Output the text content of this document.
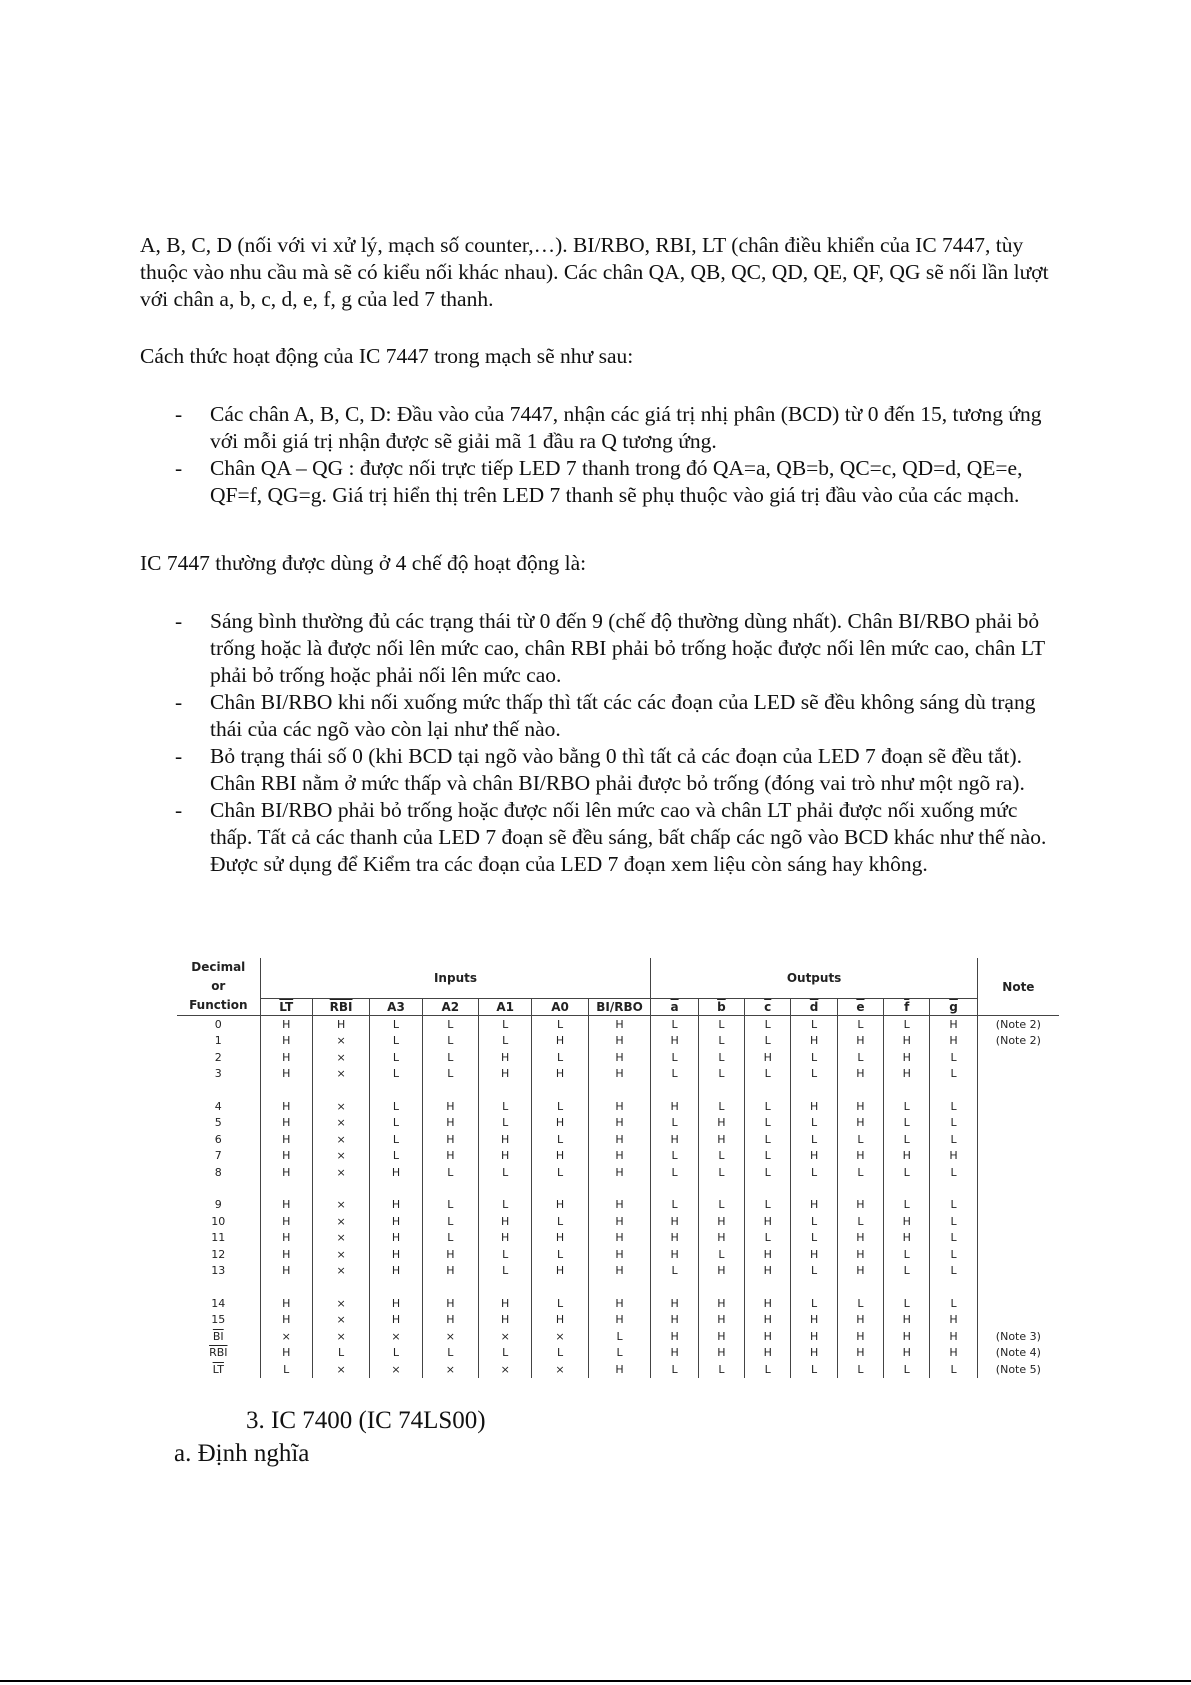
A, B, C, D (nối với vi xử lý, mạch số counter,…). BI/RBO, RBI, LT (chân điều khiển của IC 7447, tùy thuộc vào nhu cầu mà sẽ có kiểu nối khác nhau). Các chân QA, QB, QC, QD, QE, QF, QG sẽ nối lần lượt với chân a, b, c, d, e, f, g của led 7 thanh.

Cách thức hoạt động của IC 7447 trong mạch sẽ như sau:

- Các chân A, B, C, D: Đầu vào của 7447, nhận các giá trị nhị phân (BCD) từ 0 đến 15, tương ứng với mỗi giá trị nhận được sẽ giải mã 1 đầu ra Q tương ứng.
- Chân QA – QG : được nối trực tiếp LED 7 thanh trong đó QA=a, QB=b, QC=c, QD=d, QE=e, QF=f, QG=g. Giá trị hiển thị trên LED 7 thanh sẽ phụ thuộc vào giá trị đầu vào của các mạch.

IC 7447 thường được dùng ở 4 chế độ hoạt động là:

- Sáng bình thường đủ các trạng thái từ 0 đến 9 (chế độ thường dùng nhất). Chân BI/RBO phải bỏ trống hoặc là được nối lên mức cao, chân RBI phải bỏ trống hoặc được nối lên mức cao, chân LT phải bỏ trống hoặc phải nối lên mức cao.
- Chân BI/RBO khi nối xuống mức thấp thì tất các các đoạn của LED sẽ đều không sáng dù trạng thái của các ngõ vào còn lại như thế nào.
- Bỏ trạng thái số 0 (khi BCD tại ngõ vào bằng 0 thì tất cả các đoạn của LED 7 đoạn sẽ đều tắt). Chân RBI nằm ở mức thấp và chân BI/RBO phải được bỏ trống (đóng vai trò như một ngõ ra).
- Chân BI/RBO phải bỏ trống hoặc được nối lên mức cao và chân LT phải được nối xuống mức thấp. Tất cả các thanh của LED 7 đoạn sẽ đều sáng, bất chấp các ngõ vào BCD khác như thế nào. Được sử dụng để Kiểm tra các đoạn của LED 7 đoạn xem liệu còn sáng hay không.
Decimal
or
Function	Inputs							Outputs							Note

	$\overline{LT}$	$\overline{RBI}$	A3	A2	A1	A0	BI/RBO	$\overline{a}$	$\overline{b}$	$\overline{c}$	$\overline{d}$	$\overline{e}$	$\overline{f}$	$\overline{g}$
0	H	H	L	L	L	L	H	L	L	L	L	L	L	H	(Note 2)
1	H	×	L	L	L	H	H	H	L	L	H	H	H	H	(Note 2)
2	H	×	L	L	H	L	H	L	L	H	L	L	H	L	
3	H	×	L	L	H	H	H	L	L	L	L	H	H	L	

4	H	×	L	H	L	L	H	H	L	L	H	H	L	L	
5	H	×	L	H	L	H	H	L	H	L	L	H	L	L	
6	H	×	L	H	H	L	H	H	H	L	L	L	L	L	
7	H	×	L	H	H	H	H	L	L	L	H	H	H	H	
8	H	×	H	L	L	L	H	L	L	L	L	L	L	L	

9	H	×	H	L	L	H	H	L	L	L	H	H	L	L	
10	H	×	H	L	H	L	H	H	H	H	L	L	H	L	
11	H	×	H	L	H	H	H	H	H	L	L	H	H	L	
12	H	×	H	H	L	L	H	H	L	H	H	H	L	L	
13	H	×	H	H	L	H	H	L	H	H	L	H	L	L	

14	H	×	H	H	H	L	H	H	H	H	L	L	L	L	
15	H	×	H	H	H	H	H	H	H	H	H	H	H	H	
$\overline{BI}$	×	×	×	×	×	×	L	H	H	H	H	H	H	H	(Note 3)
$\overline{RBI}$	H	L	L	L	L	L	L	H	H	H	H	H	H	H	(Note 4)
$\overline{LT}$	L	×	×	×	×	×	H	L	L	L	L	L	L	L	(Note 5)
3. IC 7400 (IC 74LS00)
a. Định nghĩa
